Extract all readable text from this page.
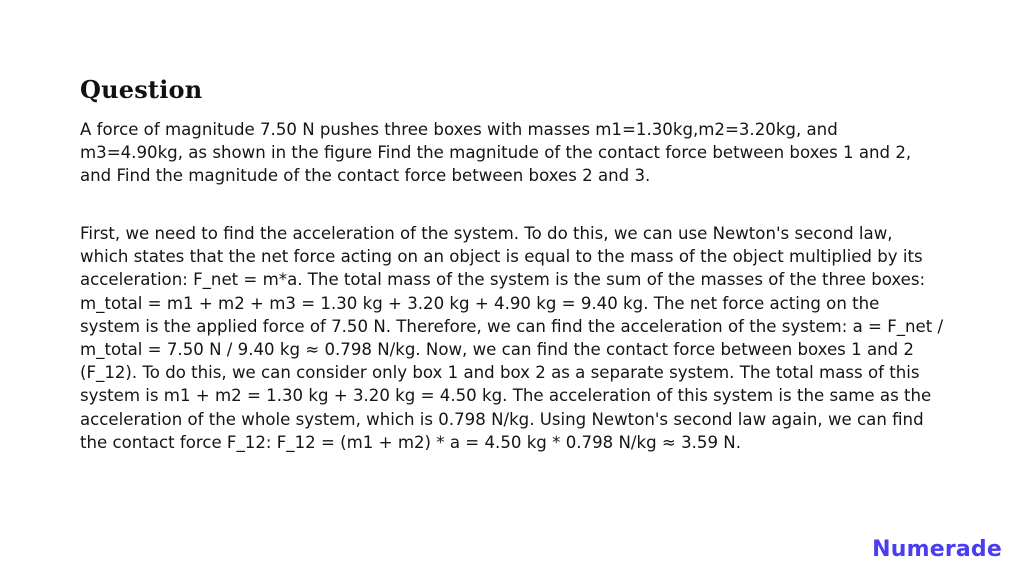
Question

A force of magnitude 7.50 N pushes three boxes with masses m1=1.30kg,m2=3.20kg, and m3=4.90kg, as shown in the figure Find the magnitude of the contact force between boxes 1 and 2, and Find the magnitude of the contact force between boxes 2 and 3.

First, we need to find the acceleration of the system. To do this, we can use Newton's second law, which states that the net force acting on an object is equal to the mass of the object multiplied by its acceleration: F_net = m*a. The total mass of the system is the sum of the masses of the three boxes: m_total = m1 + m2 + m3 = 1.30 kg + 3.20 kg + 4.90 kg = 9.40 kg. The net force acting on the system is the applied force of 7.50 N. Therefore, we can find the acceleration of the system: a = F_net / m_total = 7.50 N / 9.40 kg ≈ 0.798 N/kg. Now, we can find the contact force between boxes 1 and 2 (F_12). To do this, we can consider only box 1 and box 2 as a separate system. The total mass of this system is m1 + m2 = 1.30 kg + 3.20 kg = 4.50 kg. The acceleration of this system is the same as the acceleration of the whole system, which is 0.798 N/kg. Using Newton's second law again, we can find the contact force F_12: F_12 = (m1 + m2) * a = 4.50 kg * 0.798 N/kg ≈ 3.59 N.

Numerade
